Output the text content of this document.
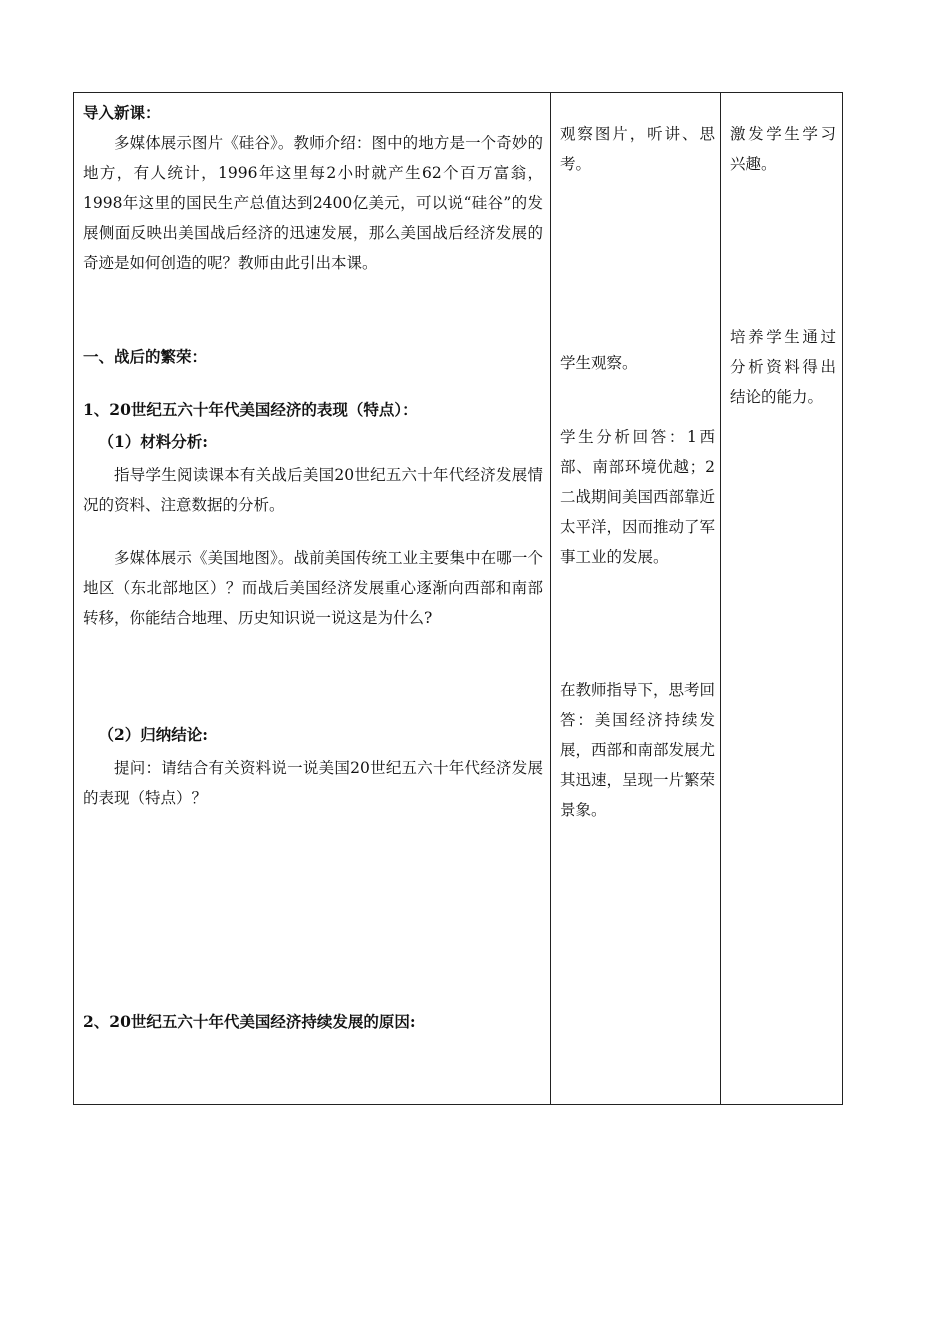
导入新课：

多媒体展示图片《硅谷》。教师介绍：图中的地方是一个奇妙的地方，有人统计，1996年这里每2小时就产生62个百万富翁，1998年这里的国民生产总值达到2400亿美元，可以说“硅谷”的发展侧面反映出美国战后经济的迅速发展，那么美国战后经济发展的奇迹是如何创造的呢？教师由此引出本课。

一、战后的繁荣：

1、20世纪五六十年代美国经济的表现（特点）：

（1）材料分析:

指导学生阅读课本有关战后美国20世纪五六十年代经济发展情况的资料、注意数据的分析。

多媒体展示《美国地图》。战前美国传统工业主要集中在哪一个地区（东北部地区）？而战后美国经济发展重心逐渐向西部和南部转移，你能结合地理、历史知识说一说这是为什么?

（2）归纳结论:

提问：请结合有关资料说一说美国20世纪五六十年代经济发展的表现（特点）？

2、20世纪五六十年代美国经济持续发展的原因:

观察图片，听讲、思考。

学生观察。

学生分析回答：1西部、南部环境优越；2二战期间美国西部靠近太平洋，因而推动了军事工业的发展。

在教师指导下，思考回答：美国经济持续发展，西部和南部发展尤其迅速，呈现一片繁荣景象。

激发学生学习兴趣。

培养学生通过分析资料得出结论的能力。
